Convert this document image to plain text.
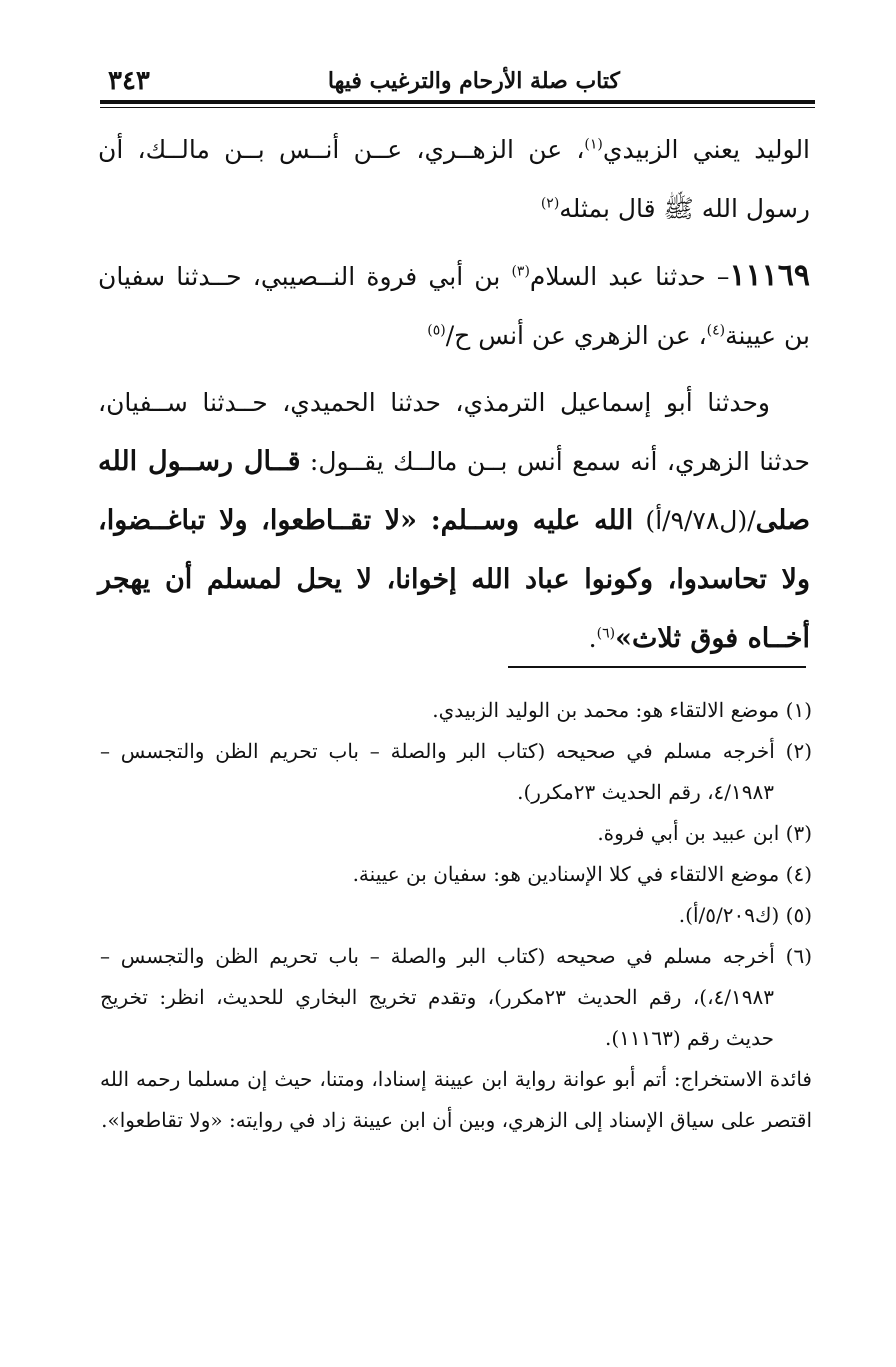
كتاب صلة الأرحام والترغيب فيها
٣٤٣

الوليد يعني الزبيدي$^{(١)}$، عن الزهــري، عــن أنــس بــن مالــك، أن رسول الله ﷺ قال بمثله$^{(٢)}$

١١١٦٩– حدثنا عبد السلام$^{(٣)}$ بن أبي فروة النــصيبي، حــدثنا سفيان بن عيينة$^{(٤)}$، عن الزهري عن أنس ح/$^{(٥)}$

وحدثنا أبو إسماعيل الترمذي، حدثنا الحميدي، حــدثنا ســفيان، حدثنا الزهري، أنه سمع أنس بــن مالــك يقــول: قــال رســول الله صلى/(ل٩/٧٨/أ) الله عليه وســلم: «لا تقــاطعوا، ولا تباغــضوا، ولا تحاسدوا، وكونوا عباد الله إخوانا، لا يحل لمسلم أن يهجر أخــاه فوق ثلاث»$^{(٦)}$.

(١) موضع الالتقاء هو: محمد بن الوليد الزبيدي.

(٢) أخرجه مسلم في صحيحه (كتاب البر والصلة – باب تحريم الظن والتجسس – ٤/١٩٨٣، رقم الحديث ٢٣مكرر).

(٣) ابن عبيد بن أبي فروة.

(٤) موضع الالتقاء في كلا الإسنادين هو: سفيان بن عيينة.

(٥) (ك٥/٢٠٩/أ).

(٦) أخرجه مسلم في صحيحه (كتاب البر والصلة – باب تحريم الظن والتجسس – ٤/١٩٨٣،)، رقم الحديث ٢٣مكرر)، وتقدم تخريج البخاري للحديث، انظر: تخريج حديث رقم (١١١٦٣).

فائدة الاستخراج: أتم أبو عوانة رواية ابن عيينة إسنادا، ومتنا، حيث إن مسلما رحمه الله اقتصر على سياق الإسناد إلى الزهري، وبين أن ابن عيينة زاد في روايته: «ولا تقاطعوا».
